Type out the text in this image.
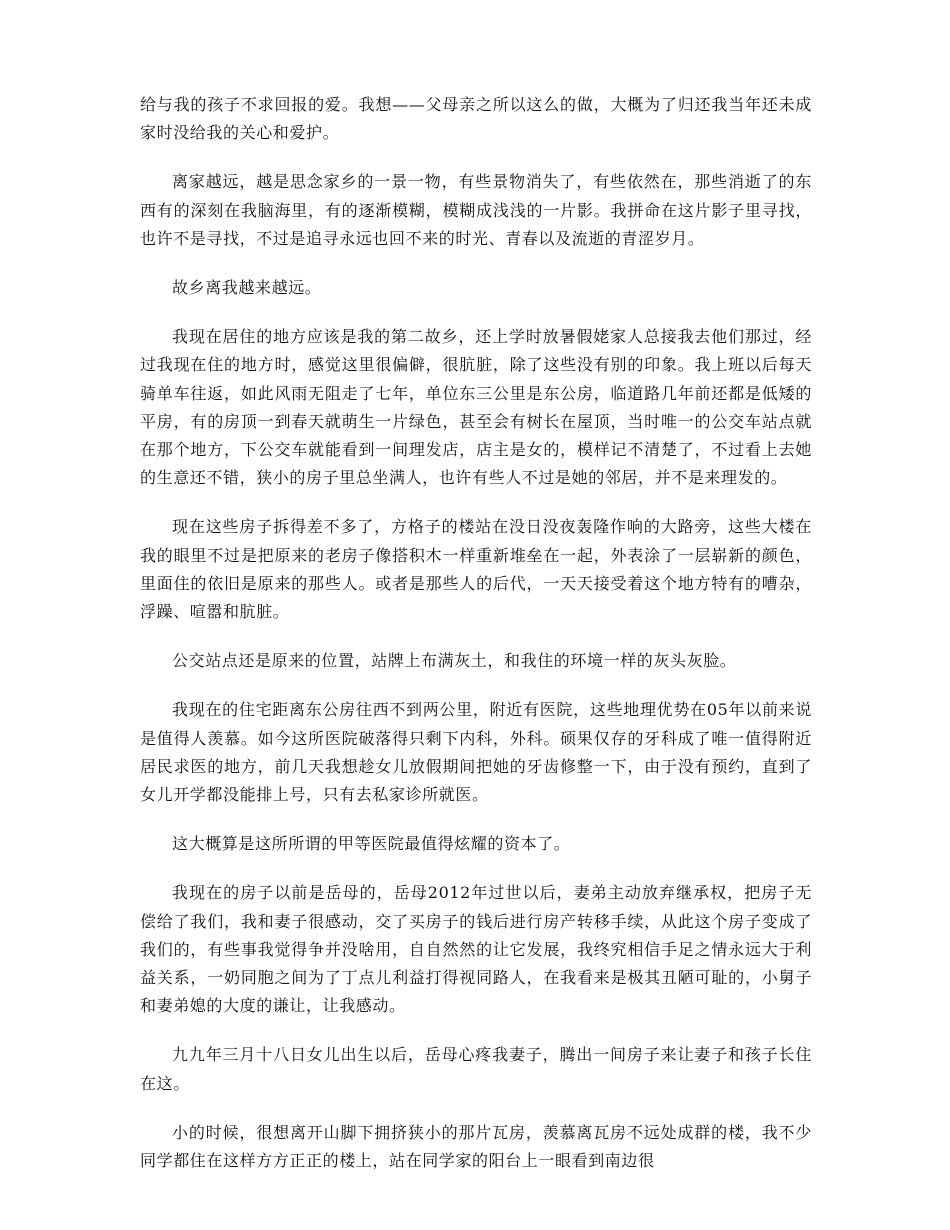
给与我的孩子不求回报的爱。我想——父母亲之所以这么的做，大概为了归还我当年还未成家时没给我的关心和爱护。

离家越远，越是思念家乡的一景一物，有些景物消失了，有些依然在，那些消逝了的东西有的深刻在我脑海里，有的逐渐模糊，模糊成浅浅的一片影。我拼命在这片影子里寻找，也许不是寻找，不过是追寻永远也回不来的时光、青春以及流逝的青涩岁月。

故乡离我越来越远。

我现在居住的地方应该是我的第二故乡，还上学时放暑假姥家人总接我去他们那过，经过我现在住的地方时，感觉这里很偏僻，很肮脏，除了这些没有别的印象。我上班以后每天骑单车往返，如此风雨无阻走了七年，单位东三公里是东公房，临道路几年前还都是低矮的平房，有的房顶一到春天就萌生一片绿色，甚至会有树长在屋顶，当时唯一的公交车站点就在那个地方，下公交车就能看到一间理发店，店主是女的，模样记不清楚了，不过看上去她的生意还不错，狭小的房子里总坐满人，也许有些人不过是她的邻居，并不是来理发的。

现在这些房子拆得差不多了，方格子的楼站在没日没夜轰隆作响的大路旁，这些大楼在我的眼里不过是把原来的老房子像搭积木一样重新堆垒在一起，外表涂了一层崭新的颜色，里面住的依旧是原来的那些人。或者是那些人的后代，一天天接受着这个地方特有的嘈杂，浮躁、喧嚣和肮脏。

公交站点还是原来的位置，站牌上布满灰土，和我住的环境一样的灰头灰脸。

我现在的住宅距离东公房往西不到两公里，附近有医院，这些地理优势在05年以前来说是值得人羡慕。如今这所医院破落得只剩下内科，外科。硕果仅存的牙科成了唯一值得附近居民求医的地方，前几天我想趁女儿放假期间把她的牙齿修整一下，由于没有预约，直到了女儿开学都没能排上号，只有去私家诊所就医。

这大概算是这所所谓的甲等医院最值得炫耀的资本了。

我现在的房子以前是岳母的，岳母2012年过世以后，妻弟主动放弃继承权，把房子无偿给了我们，我和妻子很感动，交了买房子的钱后进行房产转移手续，从此这个房子变成了我们的，有些事我觉得争并没啥用，自自然然的让它发展，我终究相信手足之情永远大于利益关系，一奶同胞之间为了丁点儿利益打得视同路人，在我看来是极其丑陋可耻的，小舅子和妻弟媳的大度的谦让，让我感动。

九九年三月十八日女儿出生以后，岳母心疼我妻子，腾出一间房子来让妻子和孩子长住在这。

小的时候，很想离开山脚下拥挤狭小的那片瓦房，羡慕离瓦房不远处成群的楼，我不少同学都住在这样方方正正的楼上，站在同学家的阳台上一眼看到南边很
